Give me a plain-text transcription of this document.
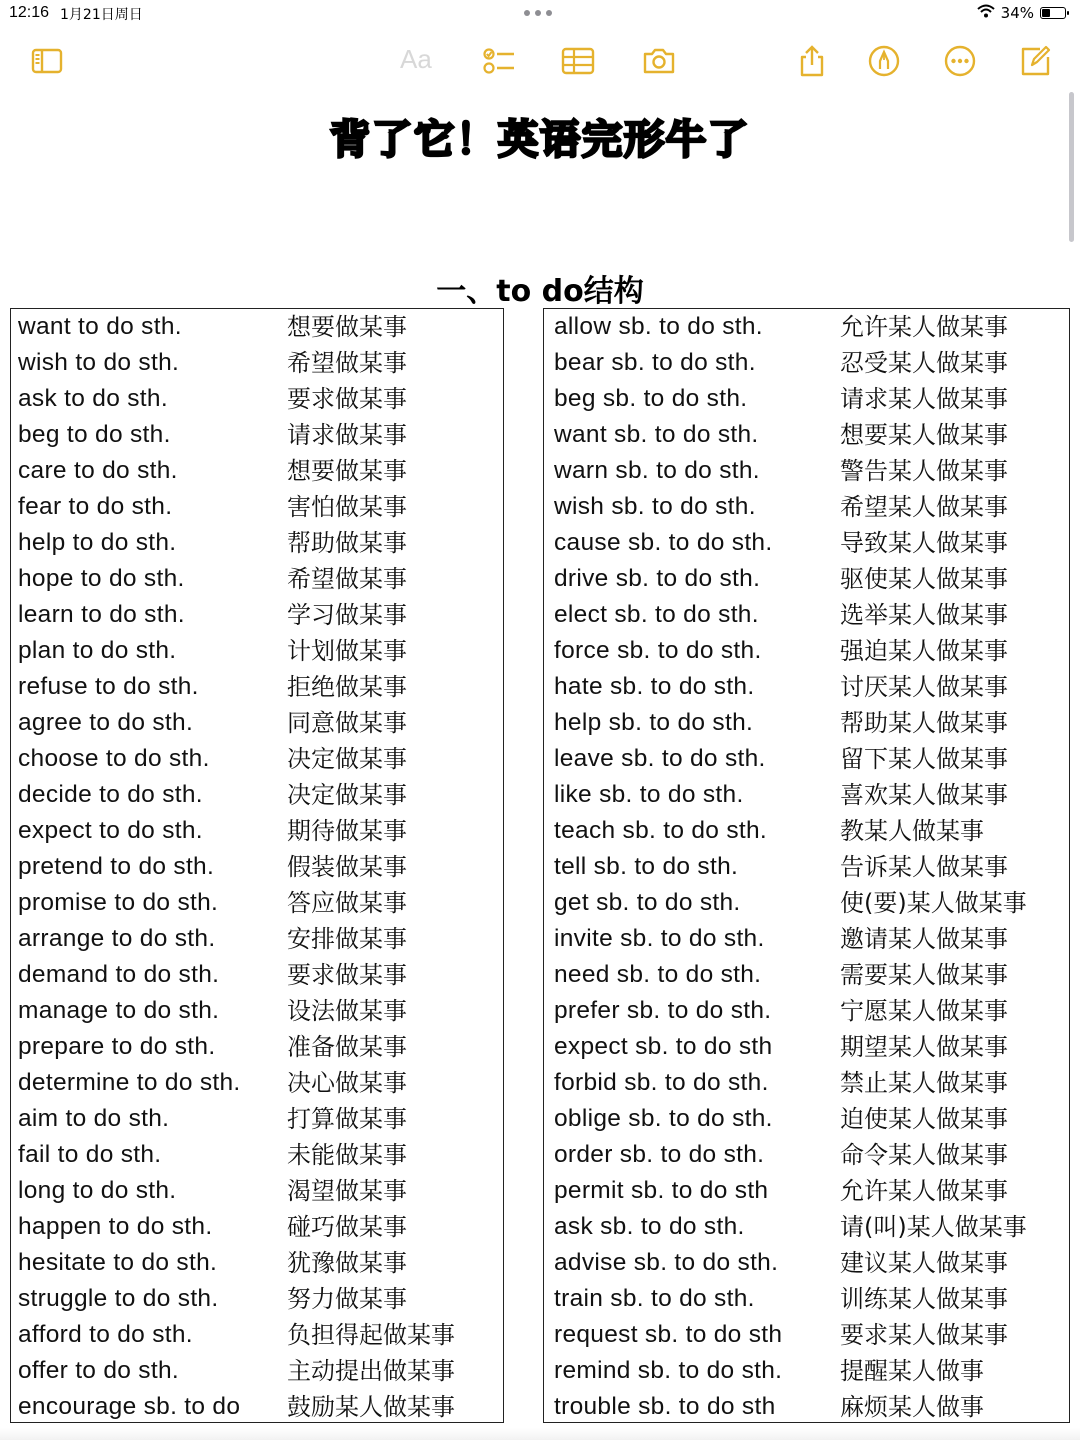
12:16 1月21日周日	34%
Aa
背了它！英语完形牛了
一、to do结构
want to do sth.	想要做某事
wish to do sth.	希望做某事
ask to do sth.	要求做某事
beg to do sth.	请求做某事
care to do sth.	想要做某事
fear to do sth.	害怕做某事
help to do sth.	帮助做某事
hope to do sth.	希望做某事
learn to do sth.	学习做某事
plan to do sth.	计划做某事
refuse to do sth.	拒绝做某事
agree to do sth.	同意做某事
choose to do sth.	决定做某事
decide to do sth.	决定做某事
expect to do sth.	期待做某事
pretend to do sth.	假装做某事
promise to do sth.	答应做某事
arrange to do sth.	安排做某事
demand to do sth.	要求做某事
manage to do sth.	设法做某事
prepare to do sth.	准备做某事
determine to do sth. 决心做某事
aim to do sth.	打算做某事
fail to do sth.	未能做某事
long to do sth.	渴望做某事
happen to do sth.	碰巧做某事
hesitate to do sth.	犹豫做某事
struggle to do sth.	努力做某事
afford to do sth.	负担得起做某事
offer to do sth.	主动提出做某事
encourage sb. to do 鼓励某人做某事
allow sb. to do sth.	允许某人做某事
bear sb. to do sth.	忍受某人做某事
beg sb. to do sth.	请求某人做某事
want sb. to do sth.	想要某人做某事
warn sb. to do sth.	警告某人做某事
wish sb. to do sth.	希望某人做某事
cause sb. to do sth.	导致某人做某事
drive sb. to do sth.	驱使某人做某事
elect sb. to do sth.	选举某人做某事
force sb. to do sth.	强迫某人做某事
hate sb. to do sth.	讨厌某人做某事
help sb. to do sth.	帮助某人做某事
leave sb. to do sth.	留下某人做某事
like sb. to do sth.	喜欢某人做某事
teach sb. to do sth.	教某人做某事
tell sb. to do sth.	告诉某人做某事
get sb. to do sth.	使(要)某人做某事
invite sb. to do sth.	邀请某人做某事
need sb. to do sth.	需要某人做某事
prefer sb. to do sth.	宁愿某人做某事
expect sb. to do sth	期望某人做某事
forbid sb. to do sth.	禁止某人做某事
oblige sb. to do sth.	迫使某人做某事
order sb. to do sth.	命令某人做某事
permit sb. to do sth	允许某人做某事
ask sb. to do sth.	请(叫)某人做某事
advise sb. to do sth.	建议某人做某事
train sb. to do sth.	训练某人做某事
request sb. to do sth 要求某人做某事
remind sb. to do sth. 提醒某人做事
trouble sb. to do sth	麻烦某人做事
